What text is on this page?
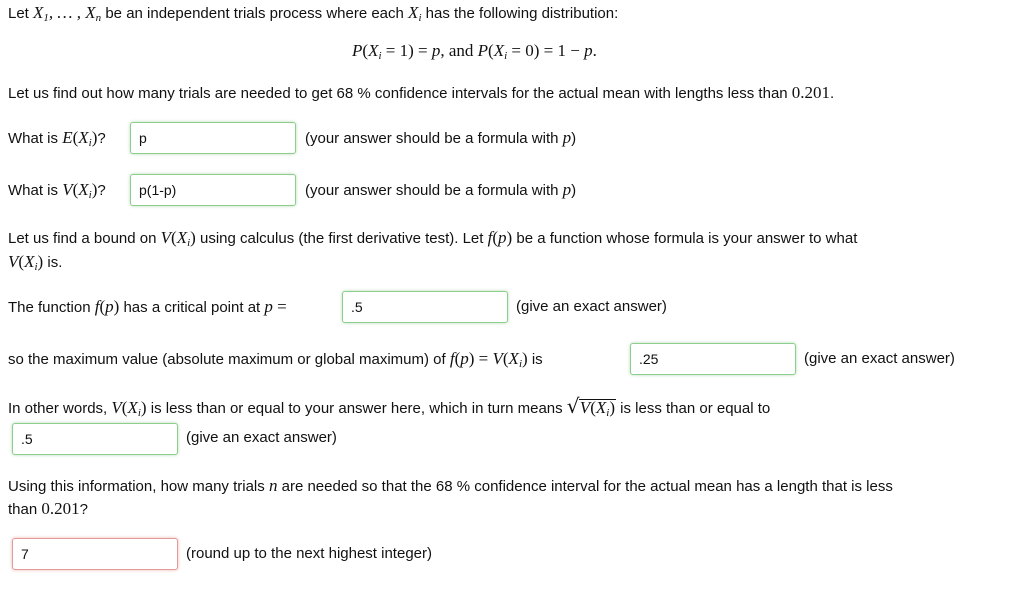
Let $X_1$, … , $X_n$ be an independent trials process where each $X_i$ has the following distribution:
$P(X_i = 1) = p$, and $P(X_i = 0) = 1 - p$.
Let us find out how many trials are needed to get 68 % confidence intervals for the actual mean with lengths less than 0.201.
What is $E(X_i)$?
p	(your answer should be a formula with p)
What is $V(X_i)$?
p(1-p)	(your answer should be a formula with p)
Let us find a bound on $V(X_i)$ using calculus (the first derivative test). Let f(p) be a function whose formula is your answer to what
$V(X_i)$ is.
The function f(p) has a critical point at p =
.5	(give an exact answer)
so the maximum value (absolute maximum or global maximum) of $f(p) = V(X_i)$ is
.25	(give an exact answer)
In other words, $V(X_i)$ is less than or equal to your answer here, which in turn means √ $V(X_i)$ is less than or equal to
.5
(give an exact answer)
Using this information, how many trials n are needed so that the 68 % confidence interval for the actual mean has a length that is less
than 0.201?
7
(round up to the next highest integer)
